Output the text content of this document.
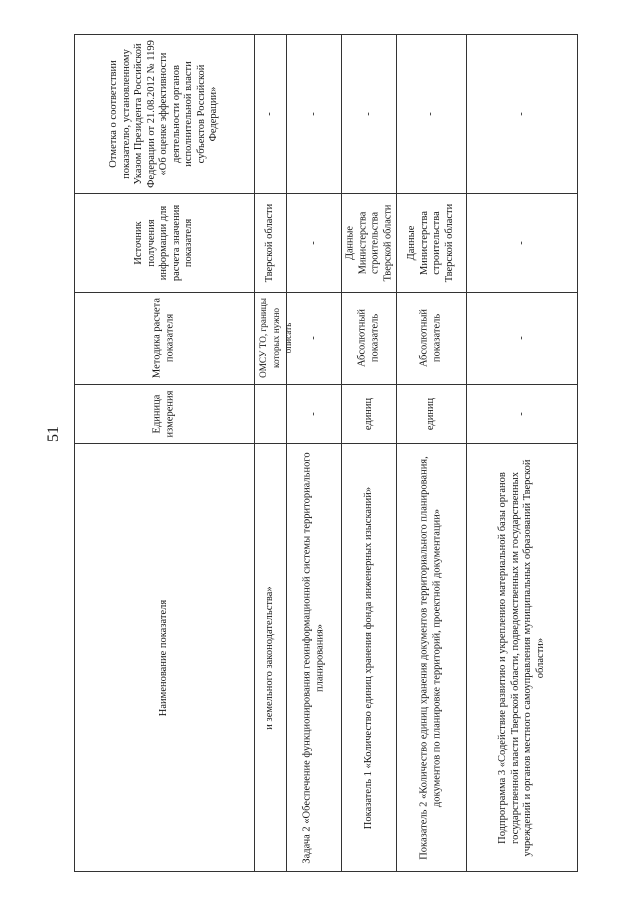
51
Наименование показателя
Единица измерения
Методика расчета показателя
Источник получения информации для расчета значения показателя
Отметка о соответствии показателю, установленному Указом Президента Российской Федерации от 21.08.2012 № 1199 «Об оценке эффективности деятельности органов исполнительной власти субъектов Российской Федерации»
и земельного законодательства»
ОМСУ ТО, границы которых нужно описать
Тверской области
-
Задача 2 «Обеспечение функционирования геоинформационной системы территориального планирования»
-
-
-
-
Показатель 1 «Количество единиц хранения фонда инженерных изысканий»
единиц
Абсолютный показатель
Данные Министерства строительства Тверской области
-
Показатель 2 «Количество единиц хранения документов территориального планирования, документов по планировке территорий, проектной документации»
единиц
Абсолютный показатель
Данные Министерства строительства Тверской области
-
Подпрограмма 3 «Содействие развитию и укреплению материальной базы органов государственной власти Тверской области, подведомственных им государственных учреждений и органов местного самоуправления муниципальных образований Тверской области»
-
-
-
-
